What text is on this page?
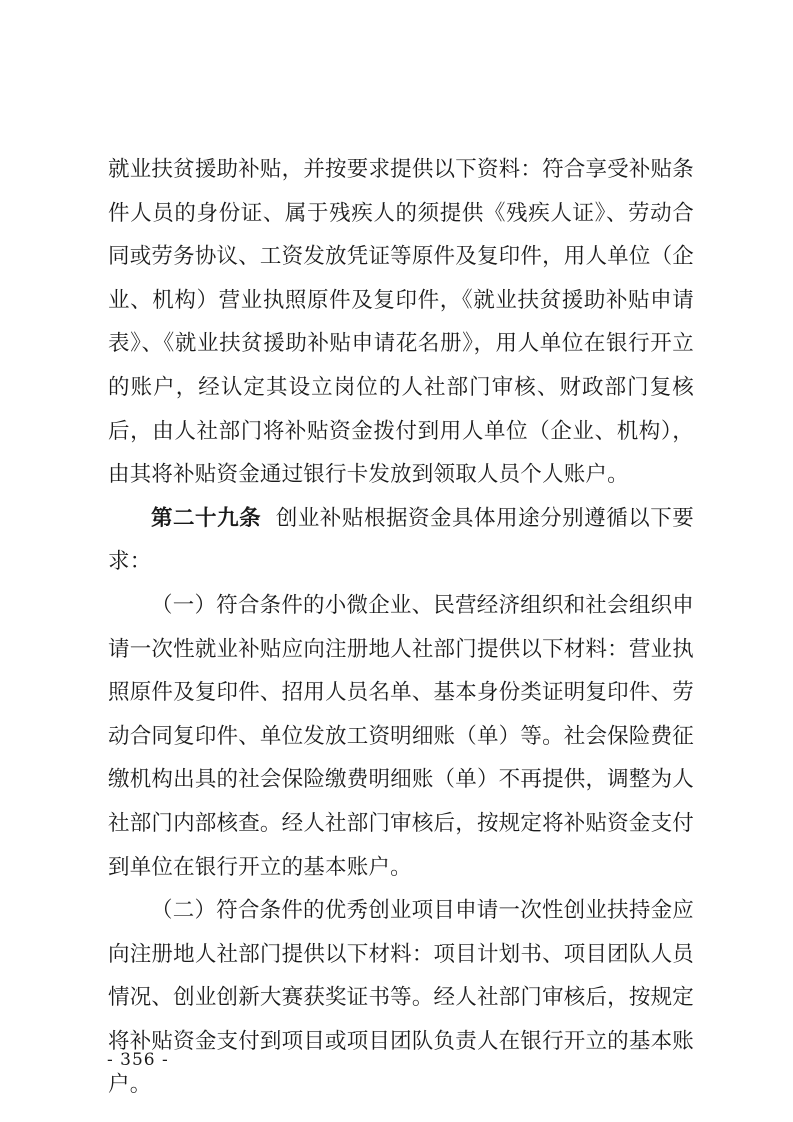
就业扶贫援助补贴，并按要求提供以下资料：符合享受补贴条件人员的身份证、属于残疾人的须提供《残疾人证》、劳动合同或劳务协议、工资发放凭证等原件及复印件，用人单位（企业、机构）营业执照原件及复印件，《就业扶贫援助补贴申请表》、《就业扶贫援助补贴申请花名册》，用人单位在银行开立的账户，经认定其设立岗位的人社部门审核、财政部门复核后，由人社部门将补贴资金拨付到用人单位（企业、机构），由其将补贴资金通过银行卡发放到领取人员个人账户。

第二十九条 创业补贴根据资金具体用途分别遵循以下要求：

（一）符合条件的小微企业、民营经济组织和社会组织申请一次性就业补贴应向注册地人社部门提供以下材料：营业执照原件及复印件、招用人员名单、基本身份类证明复印件、劳动合同复印件、单位发放工资明细账（单）等。社会保险费征缴机构出具的社会保险缴费明细账（单）不再提供，调整为人社部门内部核查。经人社部门审核后，按规定将补贴资金支付到单位在银行开立的基本账户。

（二）符合条件的优秀创业项目申请一次性创业扶持金应向注册地人社部门提供以下材料：项目计划书、项目团队人员情况、创业创新大赛获奖证书等。经人社部门审核后，按规定将补贴资金支付到项目或项目团队负责人在银行开立的基本账户。

- 356 -
